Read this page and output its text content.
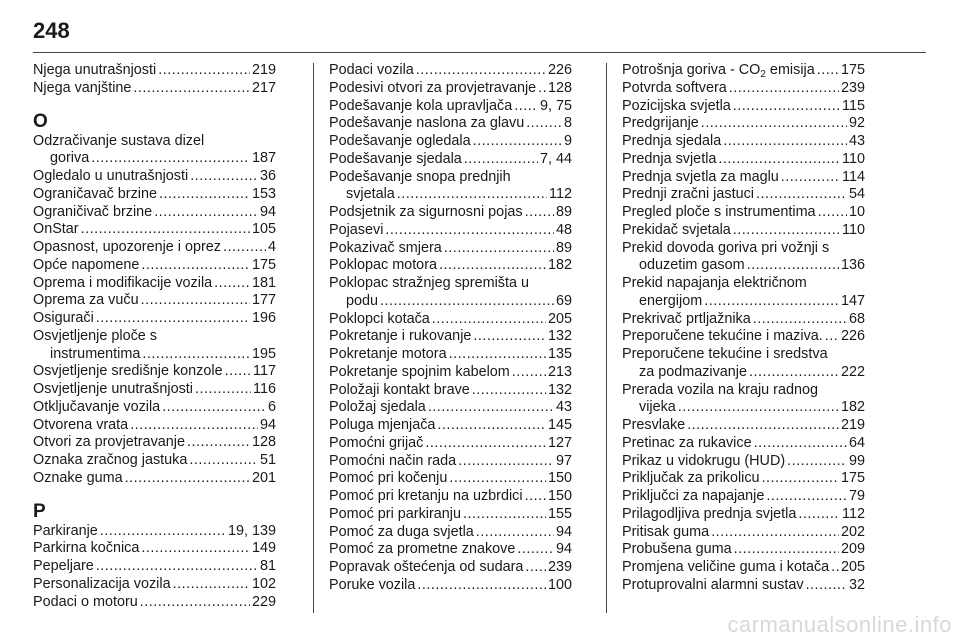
248
Njega unutrašnjosti .....	219
Njega vanjštine .....	217
O
Odzračivanje sustava dizel
goriva .....	187
Ogledalo u unutrašnjosti .....	36
Ograničavač brzine .....	153
Ograničivač brzine .....	94
OnStar .....	105
Opasnost, upozorenje i oprez .....	4
Opće napomene .....	175
Oprema i modifikacije vozila .....	181
Oprema za vuču .....	177
Osigurači .....	196
Osvjetljenje ploče s
instrumentima .....	195
Osvjetljenje središnje konzole ..... 117
Osvjetljenje unutrašnjosti .....	116
Otključavanje vozila .....	6
Otvorena vrata .....	94
Otvori za provjetravanje .....	128
Oznaka zračnog jastuka .....	51
Oznake guma .....	201
P
Parkiranje .....	19, 139
Parkirna kočnica .....	149
Pepeljare .....	81
Personalizacija vozila .....	102
Podaci o motoru .....	229
Podaci vozila .....	226
Podesivi otvori za provjetravanje ..... 128
Podešavanje kola upravljača ..... 9, 75
Podešavanje naslona za glavu .....	8
Podešavanje ogledala .....	9
Podešavanje sjedala .....	7, 44
Podešavanje snopa prednjih
svjetala .....	112
Podsjetnik za sigurnosni pojas ..... 89
Pojasevi .....	48
Pokazivač smjera .....	89
Poklopac motora .....	182
Poklopac stražnjeg spremišta u
podu .....	69
Poklopci kotača .....	205
Pokretanje i rukovanje .....	132
Pokretanje motora .....	135
Pokretanje spojnim kabelom .....	213
Položaji kontakt brave .....	132
Položaj sjedala .....	43
Poluga mjenjača .....	145
Pomoćni grijač .....	127
Pomoćni način rada .....	97
Pomoć pri kočenju .....	150
Pomoć pri kretanju na uzbrdici ..... 150
Pomoć pri parkiranju .....	155
Pomoć za duga svjetla .....	94
Pomoć za prometne znakove .....	94
Popravak oštećenja od sudara ..... 239
Poruke vozila .....	100
Potrošnja goriva - $CO_2$ emisija ..... 175
Potvrda softvera .....	239
Pozicijska svjetla .....	115
Predgrijanje .....	92
Prednja sjedala .....	43
Prednja svjetla .....	110
Prednja svjetla za maglu .....	114
Prednji zračni jastuci .....	54
Pregled ploče s instrumentima ..... 10
Prekidač svjetala .....	110
Prekid dovoda goriva pri vožnji s
oduzetim gasom .....	136
Prekid napajanja električnom
energijom .....	147
Prekrivač prtljažnika .....	68
Preporučene tekućine i maziva. ..... 226
Preporučene tekućine i sredstva
za podmazivanje .....	222
Prerada vozila na kraju radnog
vijeka .....	182
Presvlake .....	219
Pretinac za rukavice .....	64
Prikaz u vidokrugu (HUD) .....	99
Priključak za prikolicu .....	175
Priključci za napajanje .....	79
Prilagodljiva prednja svjetla .....	112
Pritisak guma .....	202
Probušena guma .....	209
Promjena veličine guma i kotača ..... 205
Protuprovalni alarmni sustav .....	32
carmanualsonline.info
